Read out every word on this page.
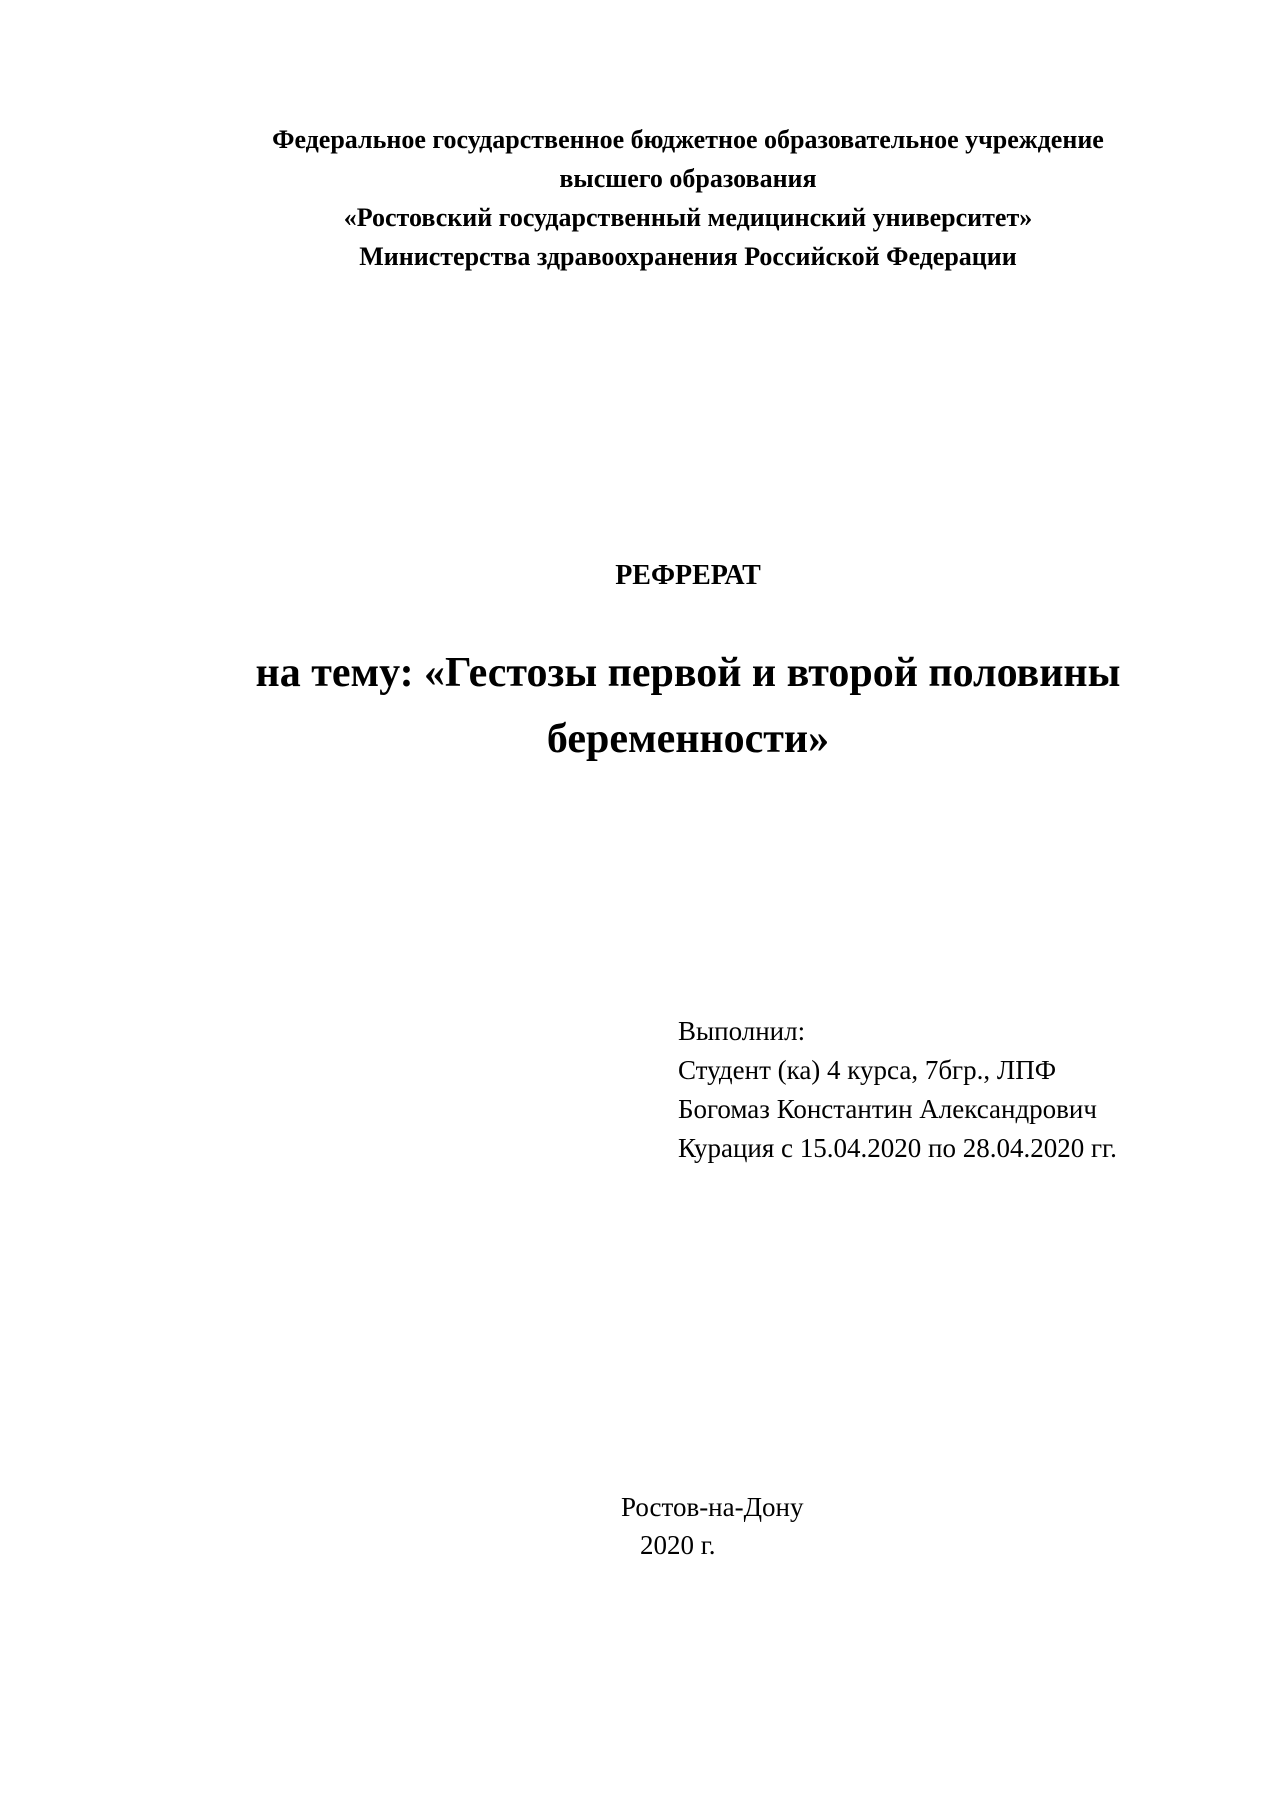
Федеральное государственное бюджетное образовательное учреждение
высшего образования
«Ростовский государственный медицинский университет»
Министерства здравоохранения Российской Федерации
РЕФРЕРАТ
на тему: «Гестозы первой и второй половины
беременности»
Выполнил:
Студент (ка) 4 курса, 7бгр., ЛПФ
Богомаз Константин Александрович
Курация с 15.04.2020 по 28.04.2020 гг.
Ростов-на-Дону
2020 г.
